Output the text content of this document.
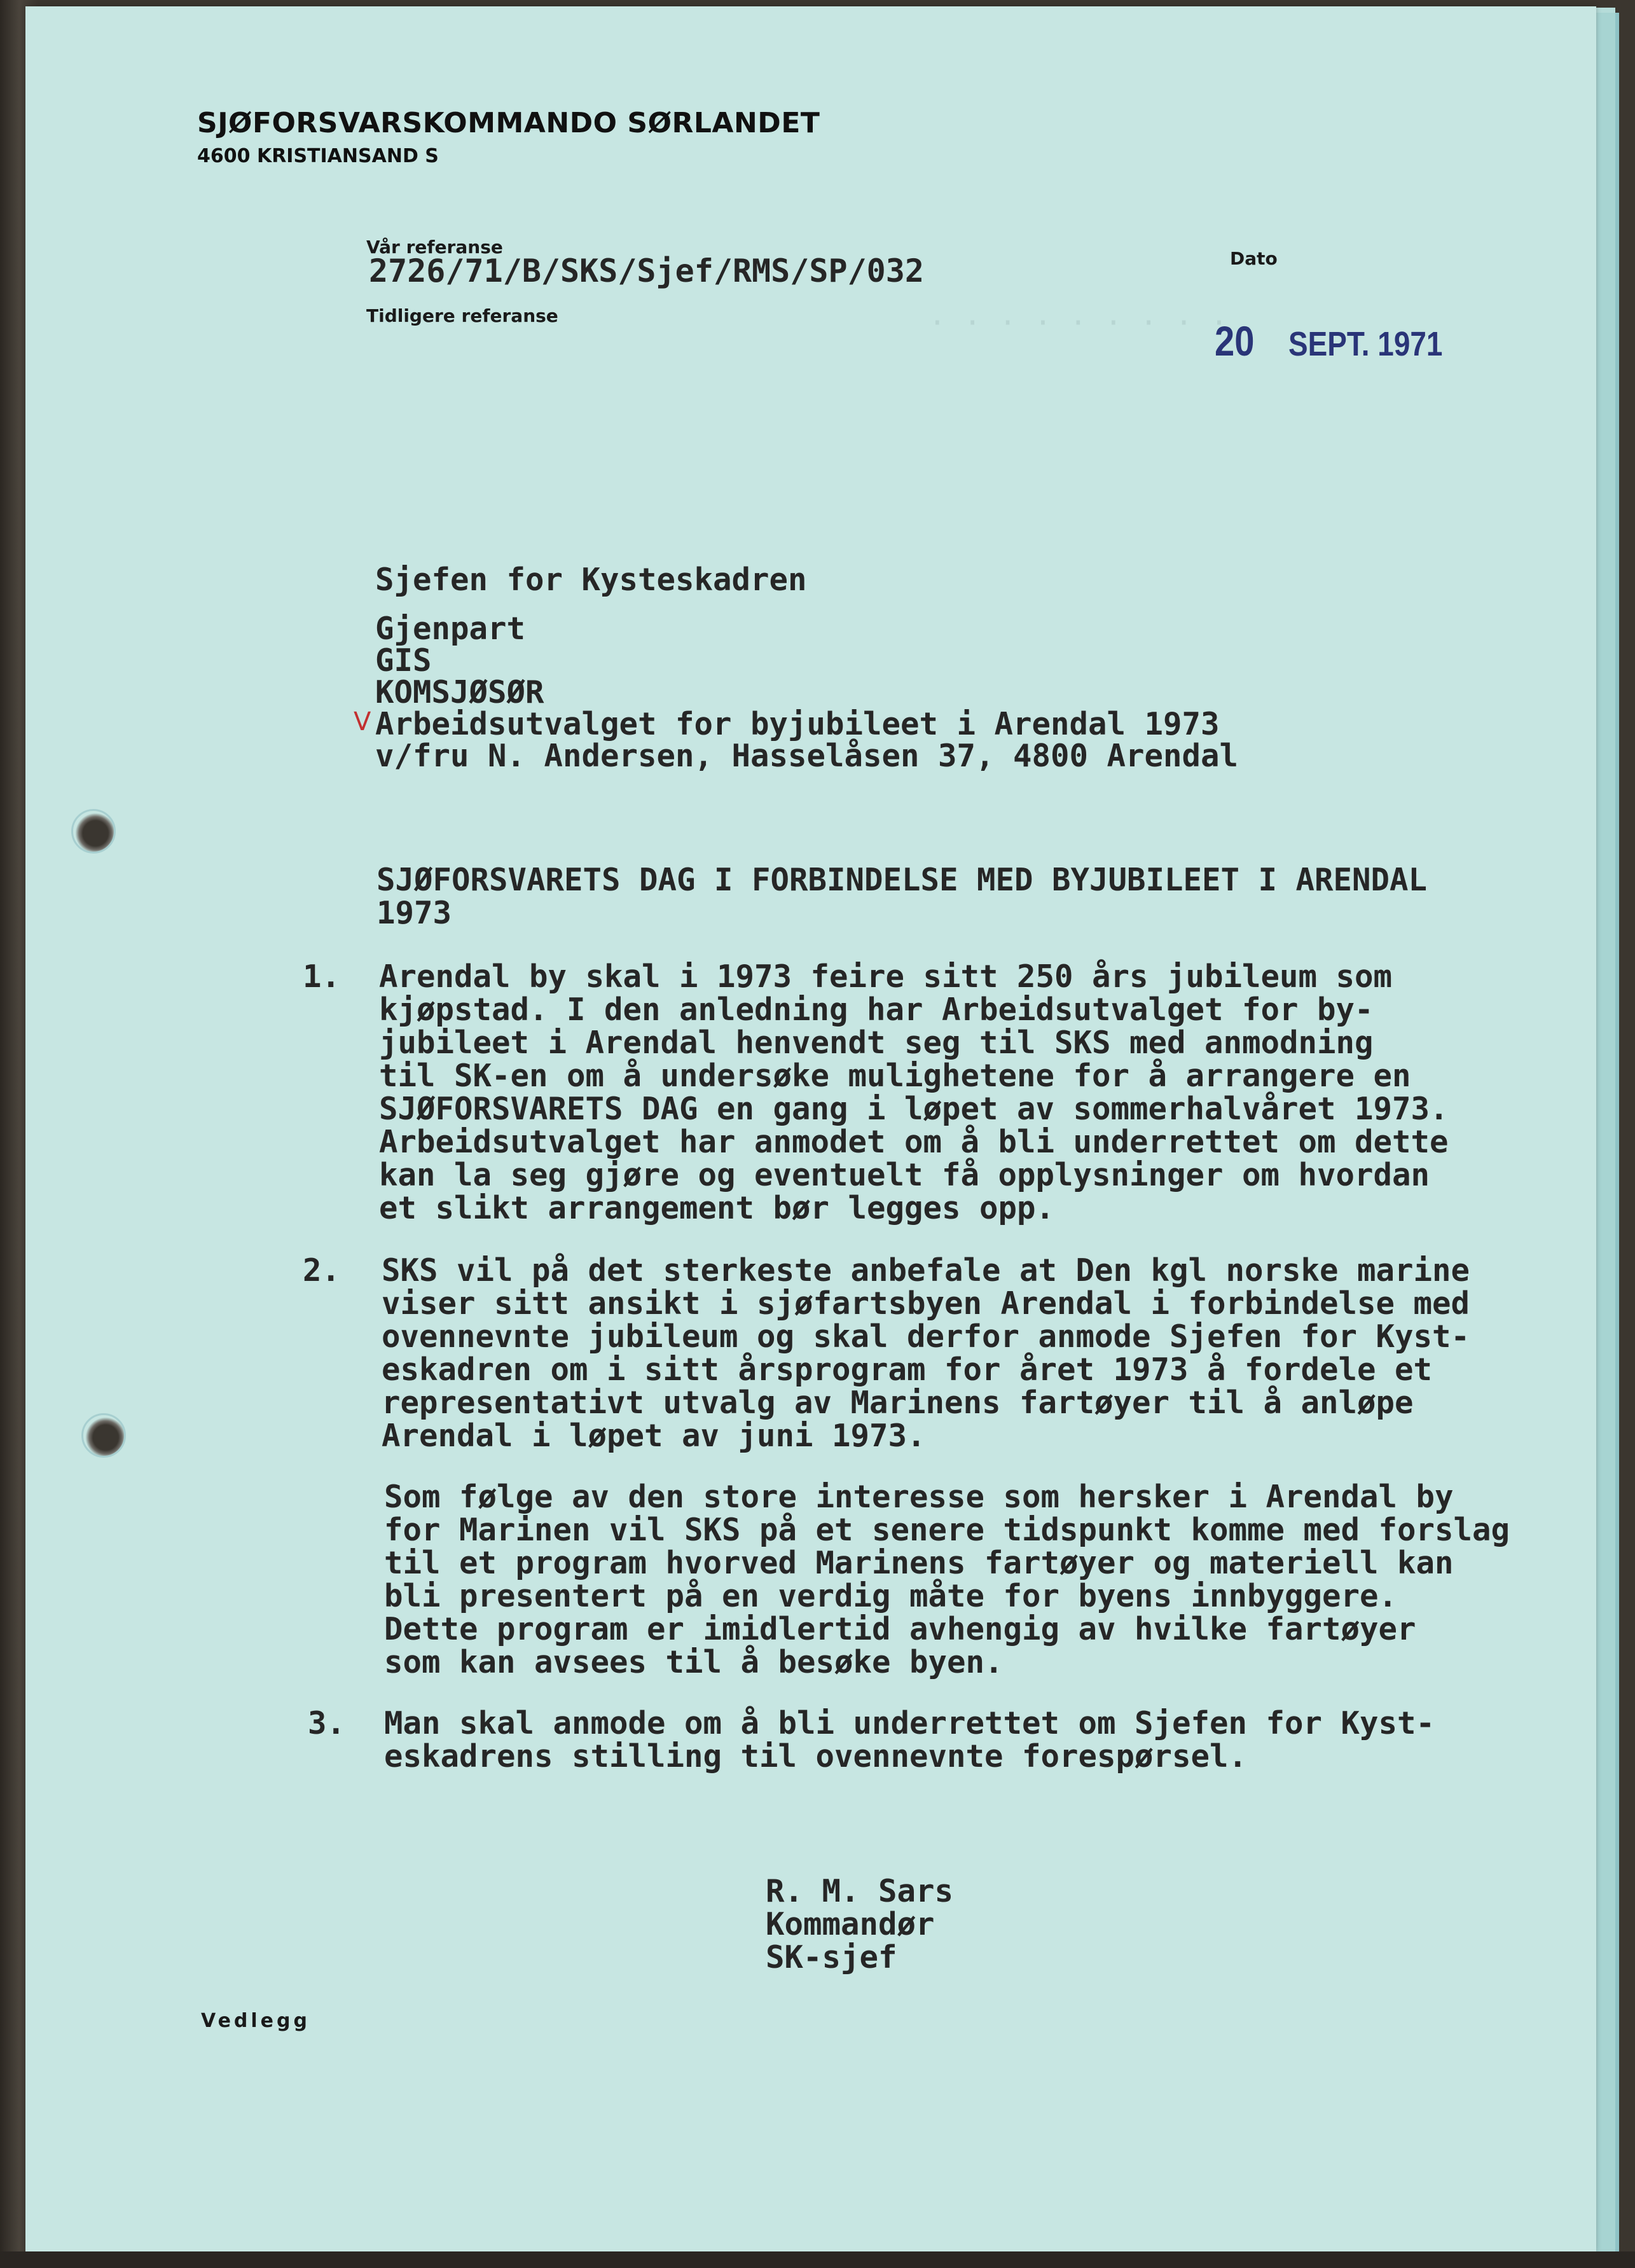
· · · · · · · · ·
SJØFORSVARSKOMMANDO SØRLANDET
4600 KRISTIANSAND S
Vår referanse
2726/71/B/SKS/Sjef/RMS/SP/032
Tidligere referanse
Dato
20 SEPT. 1971
Sjefen for Kysteskadren
Gjenpart
GIS
KOMSJØSØR
V Arbeidsutvalget for byjubileet i Arendal 1973
v/fru N. Andersen, Hasselåsen 37, 4800 Arendal
SJØFORSVARETS DAG I FORBINDELSE MED BYJUBILEET I ARENDAL
1973
1. Arendal by skal i 1973 feire sitt 250 års jubileum som
kjøpstad. I den anledning har Arbeidsutvalget for by-
jubileet i Arendal henvendt seg til SKS med anmodning
til SK-en om å undersøke mulighetene for å arrangere en
SJØFORSVARETS DAG en gang i løpet av sommerhalvåret 1973.
Arbeidsutvalget har anmodet om å bli underrettet om dette
kan la seg gjøre og eventuelt få opplysninger om hvordan
et slikt arrangement bør legges opp.
2. SKS vil på det sterkeste anbefale at Den kgl norske marine
viser sitt ansikt i sjøfartsbyen Arendal i forbindelse med
ovennevnte jubileum og skal derfor anmode Sjefen for Kyst-
eskadren om i sitt årsprogram for året 1973 å fordele et
representativt utvalg av Marinens fartøyer til å anløpe
Arendal i løpet av juni 1973.
Som følge av den store interesse som hersker i Arendal by
for Marinen vil SKS på et senere tidspunkt komme med forslag
til et program hvorved Marinens fartøyer og materiell kan
bli presentert på en verdig måte for byens innbyggere.
Dette program er imidlertid avhengig av hvilke fartøyer
som kan avsees til å besøke byen.
3. Man skal anmode om å bli underrettet om Sjefen for Kyst-
eskadrens stilling til ovennevnte forespørsel.
R. M. Sars
Kommandør
SK-sjef
Vedlegg
